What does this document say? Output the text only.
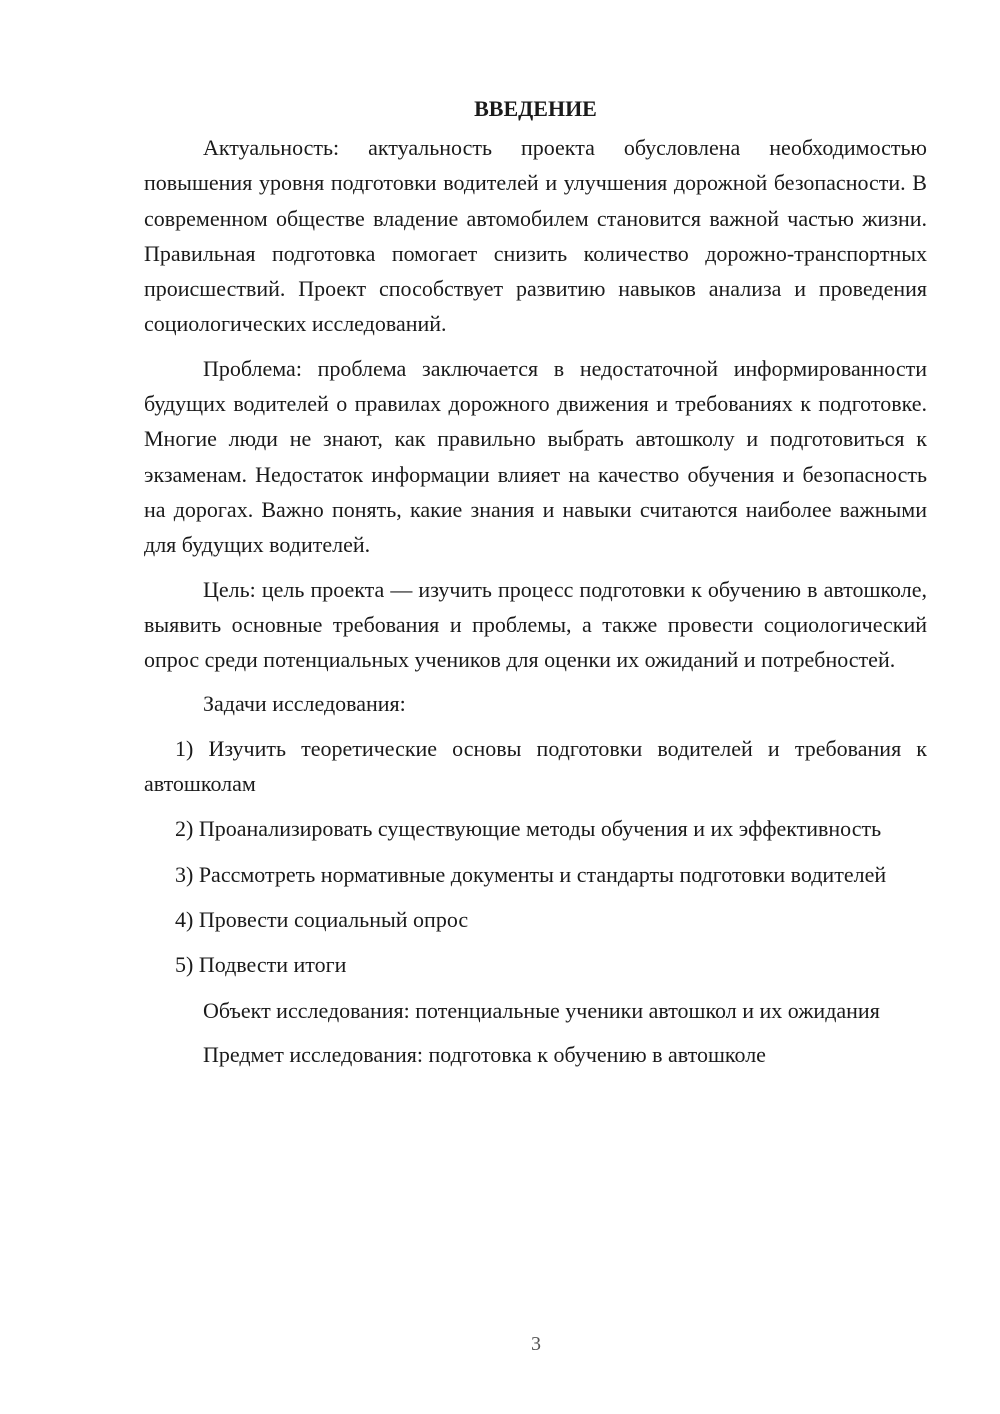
ВВЕДЕНИЕ

Актуальность: актуальность проекта обусловлена необходимостью повышения уровня подготовки водителей и улучшения дорожной безопасности. В современном обществе владение автомобилем становится важной частью жизни. Правильная подготовка помогает снизить количество дорожно-транспортных происшествий. Проект способствует развитию навыков анализа и проведения социологических исследований.

Проблема: проблема заключается в недостаточной информированности будущих водителей о правилах дорожного движения и требованиях к подготовке. Многие люди не знают, как правильно выбрать автошколу и подготовиться к экзаменам. Недостаток информации влияет на качество обучения и безопасность на дорогах. Важно понять, какие знания и навыки считаются наиболее важными для будущих водителей.

Цель: цель проекта — изучить процесс подготовки к обучению в автошколе, выявить основные требования и проблемы, а также провести социологический опрос среди потенциальных учеников для оценки их ожиданий и потребностей.

Задачи исследования:

1) Изучить теоретические основы подготовки водителей и требования к автошколам

2) Проанализировать существующие методы обучения и их эффективность

3) Рассмотреть нормативные документы и стандарты подготовки водителей

4) Провести социальный опрос

5) Подвести итоги

Объект исследования: потенциальные ученики автошкол и их ожидания

Предмет исследования: подготовка к обучению в автошколе

3
